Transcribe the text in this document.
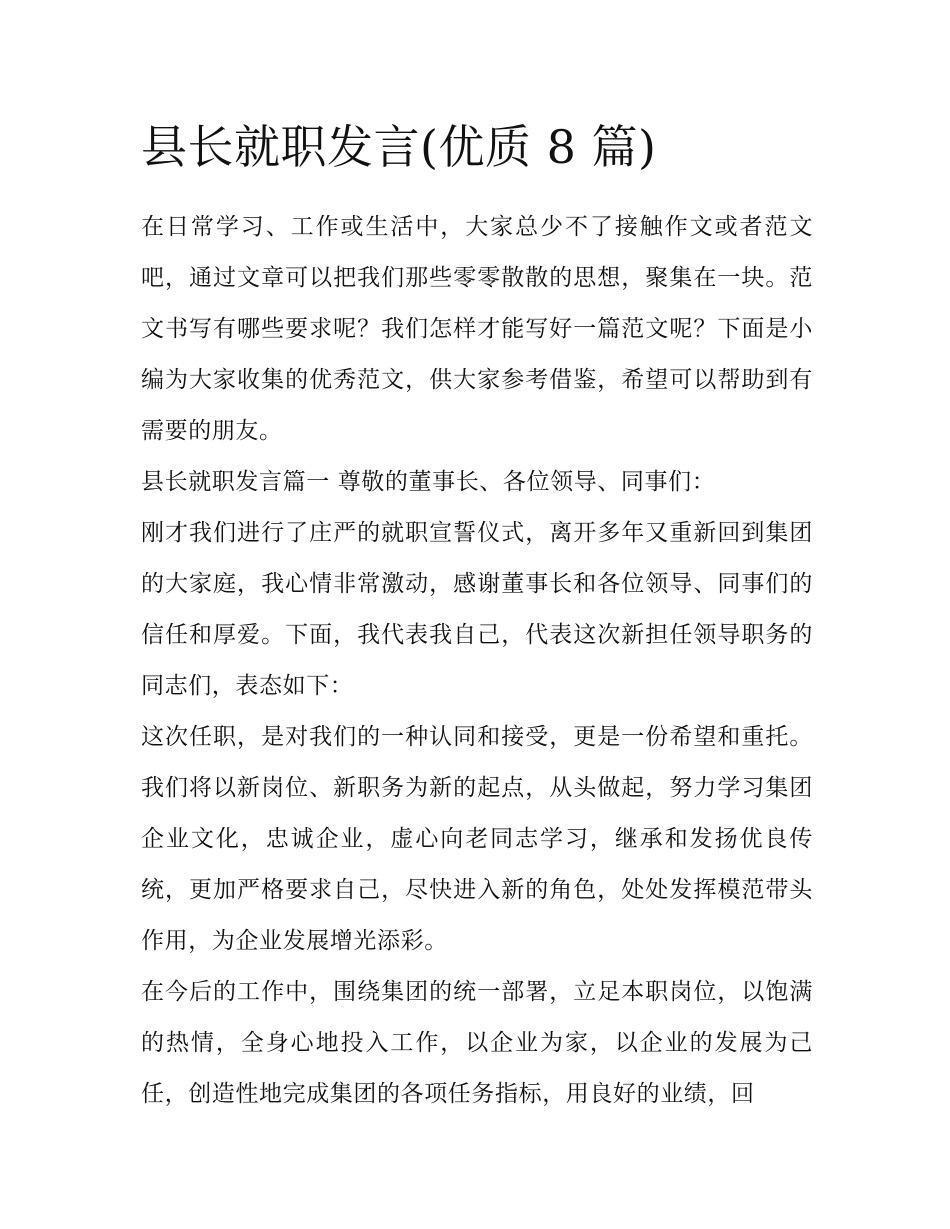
县长就职发言(优质 8 篇)

在日常学习、工作或生活中，大家总少不了接触作文或者范文吧，通过文章可以把我们那些零零散散的思想，聚集在一块。范文书写有哪些要求呢？我们怎样才能写好一篇范文呢？下面是小编为大家收集的优秀范文，供大家参考借鉴，希望可以帮助到有需要的朋友。

县长就职发言篇一 尊敬的董事长、各位领导、同事们：

刚才我们进行了庄严的就职宣誓仪式，离开多年又重新回到集团的大家庭，我心情非常激动，感谢董事长和各位领导、同事们的信任和厚爱。下面，我代表我自己，代表这次新担任领导职务的同志们，表态如下：

这次任职，是对我们的一种认同和接受，更是一份希望和重托。我们将以新岗位、新职务为新的起点，从头做起，努力学习集团企业文化，忠诚企业，虚心向老同志学习，继承和发扬优良传统，更加严格要求自己，尽快进入新的角色，处处发挥模范带头作用，为企业发展增光添彩。

在今后的工作中，围绕集团的统一部署，立足本职岗位，以饱满的热情，全身心地投入工作，以企业为家，以企业的发展为己任，创造性地完成集团的各项任务指标，用良好的业绩，回
